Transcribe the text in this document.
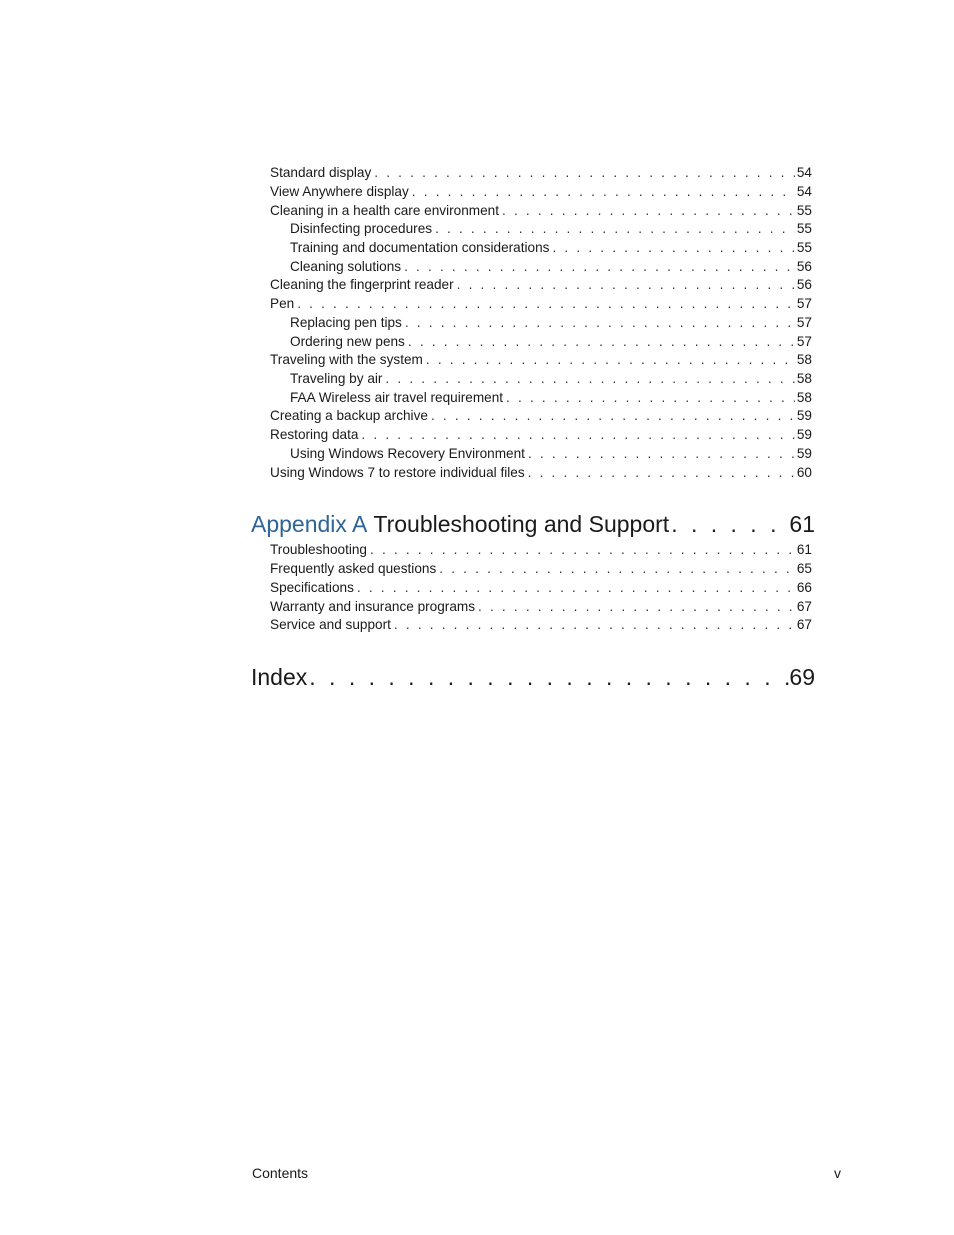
Standard display . . .	54
View Anywhere display . . .	54
Cleaning in a health care environment . . .	55
Disinfecting procedures . . .	55
Training and documentation considerations . . .	55
Cleaning solutions . . .	56
Cleaning the fingerprint reader . . .	56
Pen . . .	57
Replacing pen tips . . .	57
Ordering new pens . . .	57
Traveling with the system . . .	58
Traveling by air . . .	58
FAA Wireless air travel requirement . . .	58
Creating a backup archive . . .	59
Restoring data . . .	59
Using Windows Recovery Environment . . .	59
Using Windows 7 to restore individual files . . .	60
Appendix A Troubleshooting and Support . . .	61
Troubleshooting . . .	61
Frequently asked questions . . .	65
Specifications . . .	66
Warranty and insurance programs . . .	67
Service and support . . .	67
Index . . .	69
Contents	v
